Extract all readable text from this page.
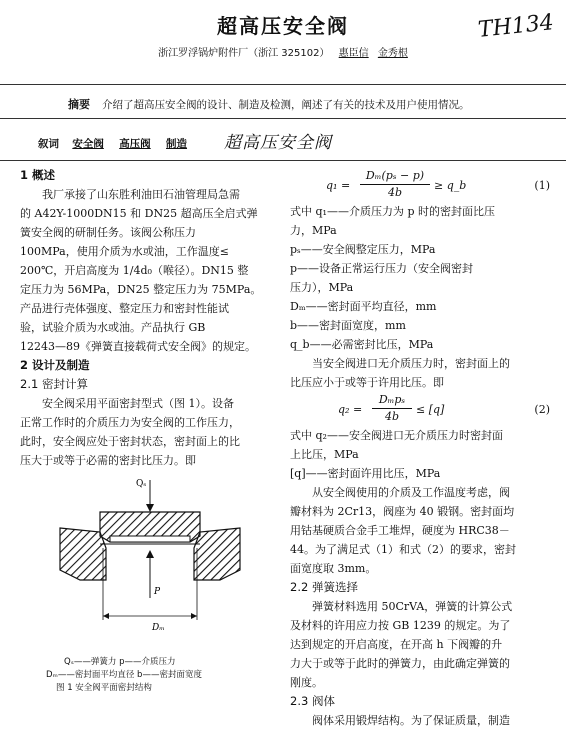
超高压安全阀	TH134
浙江罗浮锅炉附件厂（浙江 325102） 惠臣信 金秀根
摘要 介绍了超高压安全阀的设计、制造及检测，阐述了有关的技术及用户使用情况。
叙词 安全阀 高压阀 制造	超高压安全阀
1 概述
我厂承接了山东胜利油田石油管理局急需
的 A42Y-1000DN15 和 DN25 超高压全启式弹
簧安全阀的研制任务。该阀公称压力
100MPa，使用介质为水或油，工作温度≤
200℃，开启高度为 1/4d₀（喉径）。DN15 整
定压力为 56MPa，DN25 整定压力为 75MPa。
产品进行壳体强度、整定压力和密封性能试
验，试验介质为水或油。产品执行 GB
12243—89《弹簧直接载荷式安全阀》的规定。
2 设计及制造
2.1 密封计算
安全阀采用平面密封型式（图 1）。设备
正常工作时的介质压力为安全阀的工作压力，
此时，安全阀应处于密封状态，密封面上的比
压大于或等于必需的密封比压力。即
Qₛ
P
Dₘ
Qₛ——弹簧力 p——介质压力
Dₘ——密封面平均直径 b——密封面宽度
图 1 安全阀平面密封结构
$q_1 = \frac{\text{Dₘ(pₛ − p)}}{4b}$ ≥ q_b	(1)
式中 q₁——介质压力为 p 时的密封面比压
力，MPa
pₛ——安全阀整定压力，MPa
p——设备正常运行压力（安全阀密封
压力），MPa
Dₘ——密封面平均直径，mm
b——密封面宽度，mm
q_b——必需密封比压，MPa
当安全阀进口无介质压力时，密封面上的
比压应小于或等于许用比压。即
q₂ =
Dₘpₛ
4b
≤ [q]	(2)
式中 q₂——安全阀进口无介质压力时密封面
上比压，MPa
[q]——密封面许用比压，MPa
从安全阀使用的介质及工作温度考虑，阀
瓣材料为 2Cr13，阀座为 40 锻钢。密封面均
用钴基硬质合金手工堆焊，硬度为 HRC38－
44。为了满足式（1）和式（2）的要求，密封
面宽度取 3mm。
2.2 弹簧选择
弹簧材料选用 50CrVA，弹簧的计算公式
及材料的许用应力按 GB 1239 的规定。为了
达到规定的开启高度，在开高 h 下阀瓣的升
力大于或等于此时的弹簧力，由此确定弹簧的
刚度。
2.3 阀体
阀体采用锻焊结构。为了保证质量，制造
